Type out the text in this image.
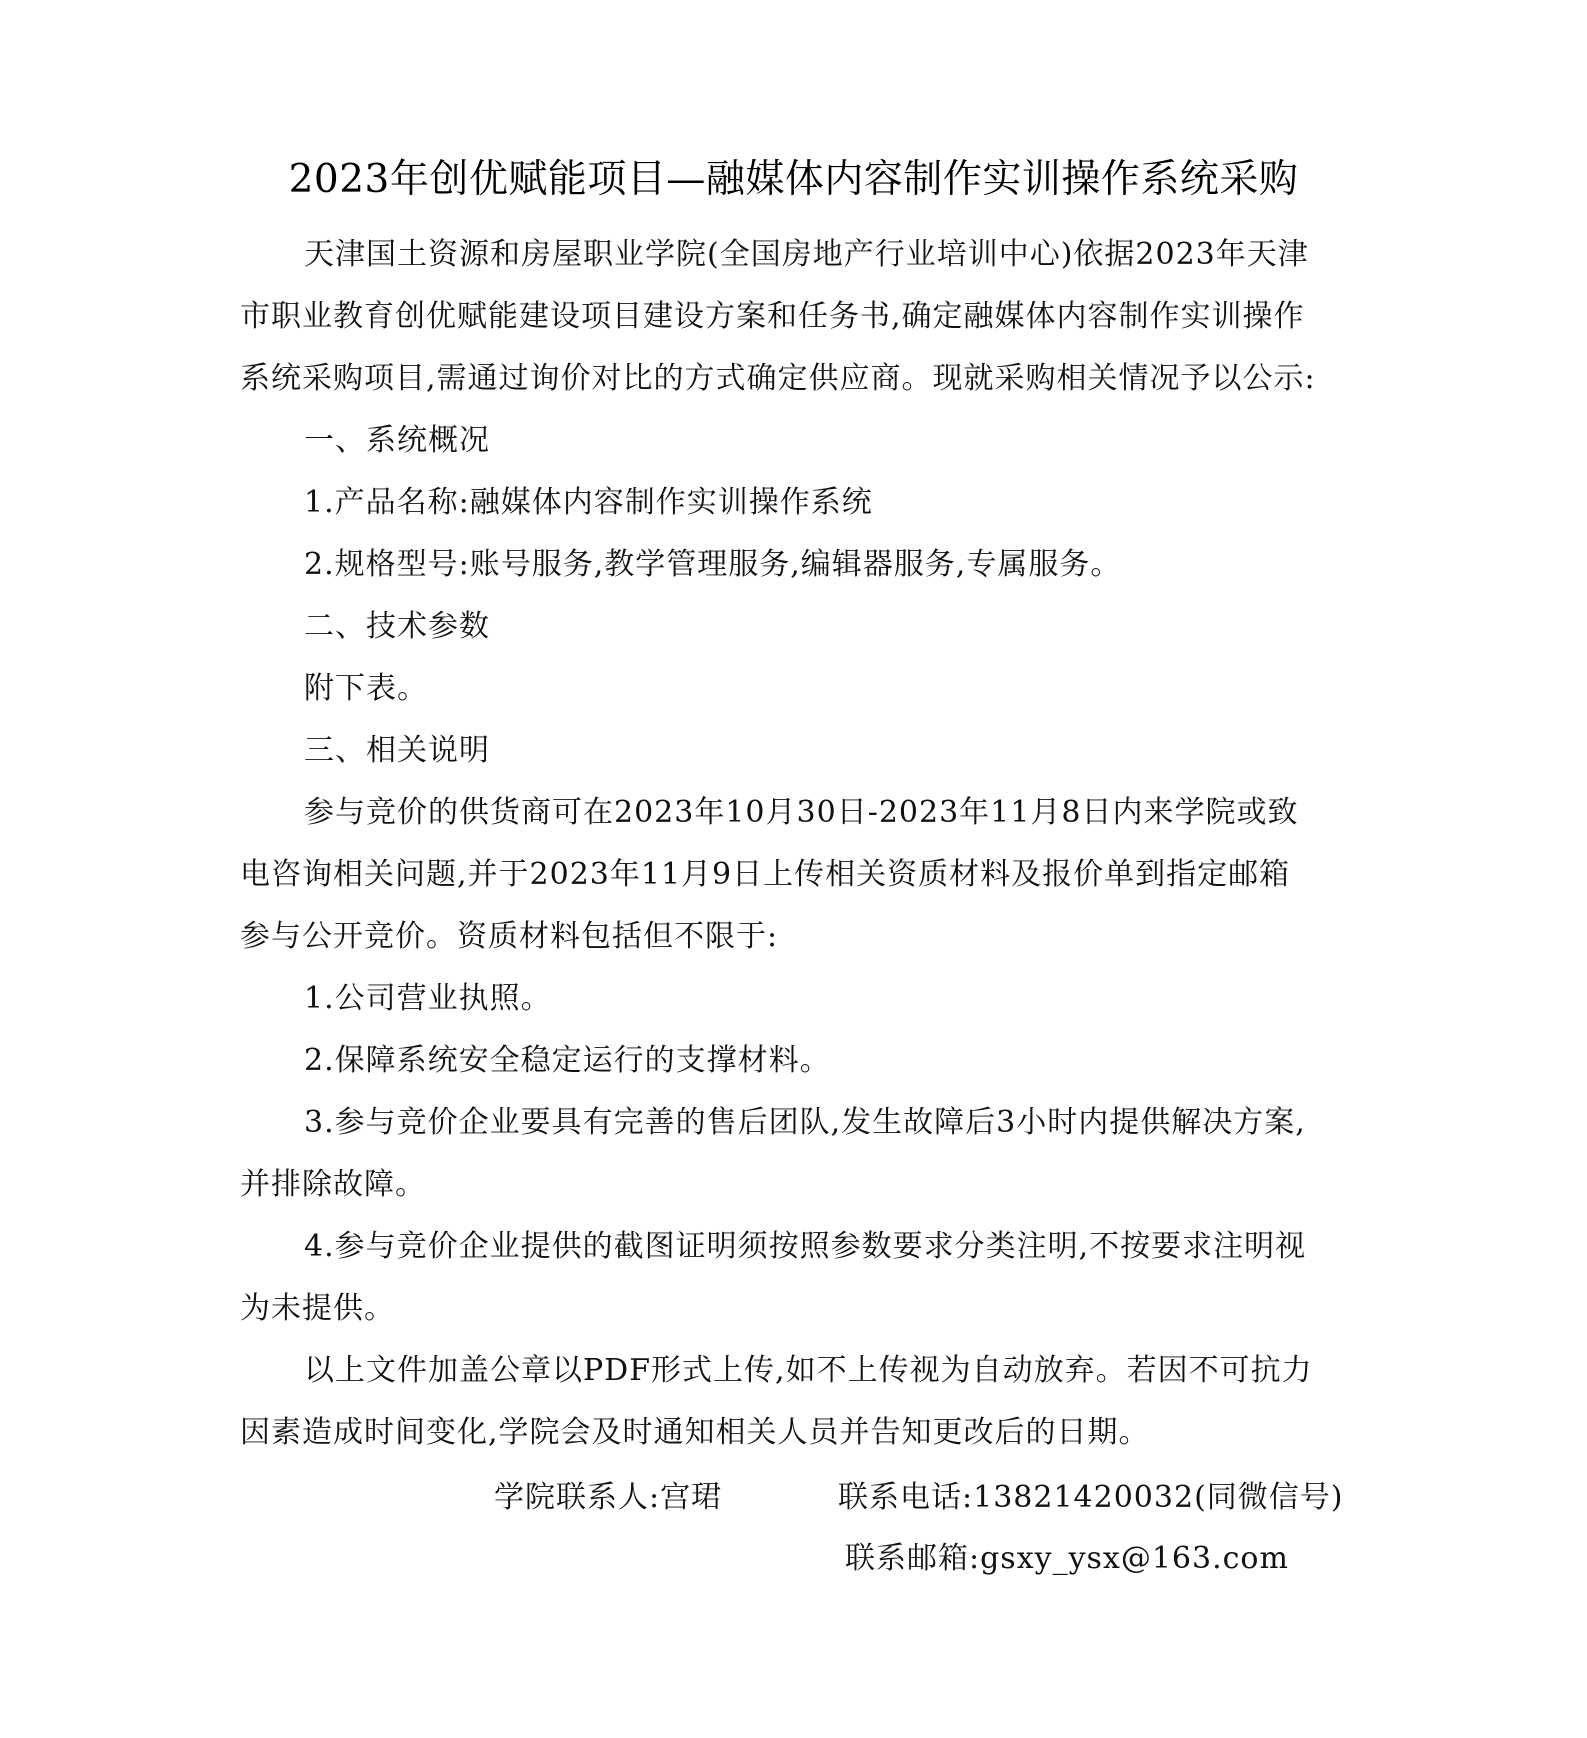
2023年创优赋能项目—融媒体内容制作实训操作系统采购

天津国土资源和房屋职业学院(全国房地产行业培训中心)依据2023年天津
市职业教育创优赋能建设项目建设方案和任务书,确定融媒体内容制作实训操作
系统采购项目,需通过询价对比的方式确定供应商。现就采购相关情况予以公示:

一、系统概况

1.产品名称:融媒体内容制作实训操作系统

2.规格型号:账号服务,教学管理服务,编辑器服务,专属服务。

二、技术参数

附下表。

三、相关说明

参与竞价的供货商可在2023年10月30日-2023年11月8日内来学院或致
电咨询相关问题,并于2023年11月9日上传相关资质材料及报价单到指定邮箱
参与公开竞价。资质材料包括但不限于:

1.公司营业执照。

2.保障系统安全稳定运行的支撑材料。

3.参与竞价企业要具有完善的售后团队,发生故障后3小时内提供解决方案,
并排除故障。

4.参与竞价企业提供的截图证明须按照参数要求分类注明,不按要求注明视
为未提供。

以上文件加盖公章以PDF形式上传,如不上传视为自动放弃。若因不可抗力
因素造成时间变化,学院会及时通知相关人员并告知更改后的日期。

学院联系人:宫珺	联系电话:13821420032(同微信号)
联系邮箱:gsxy_ysx@163.com
